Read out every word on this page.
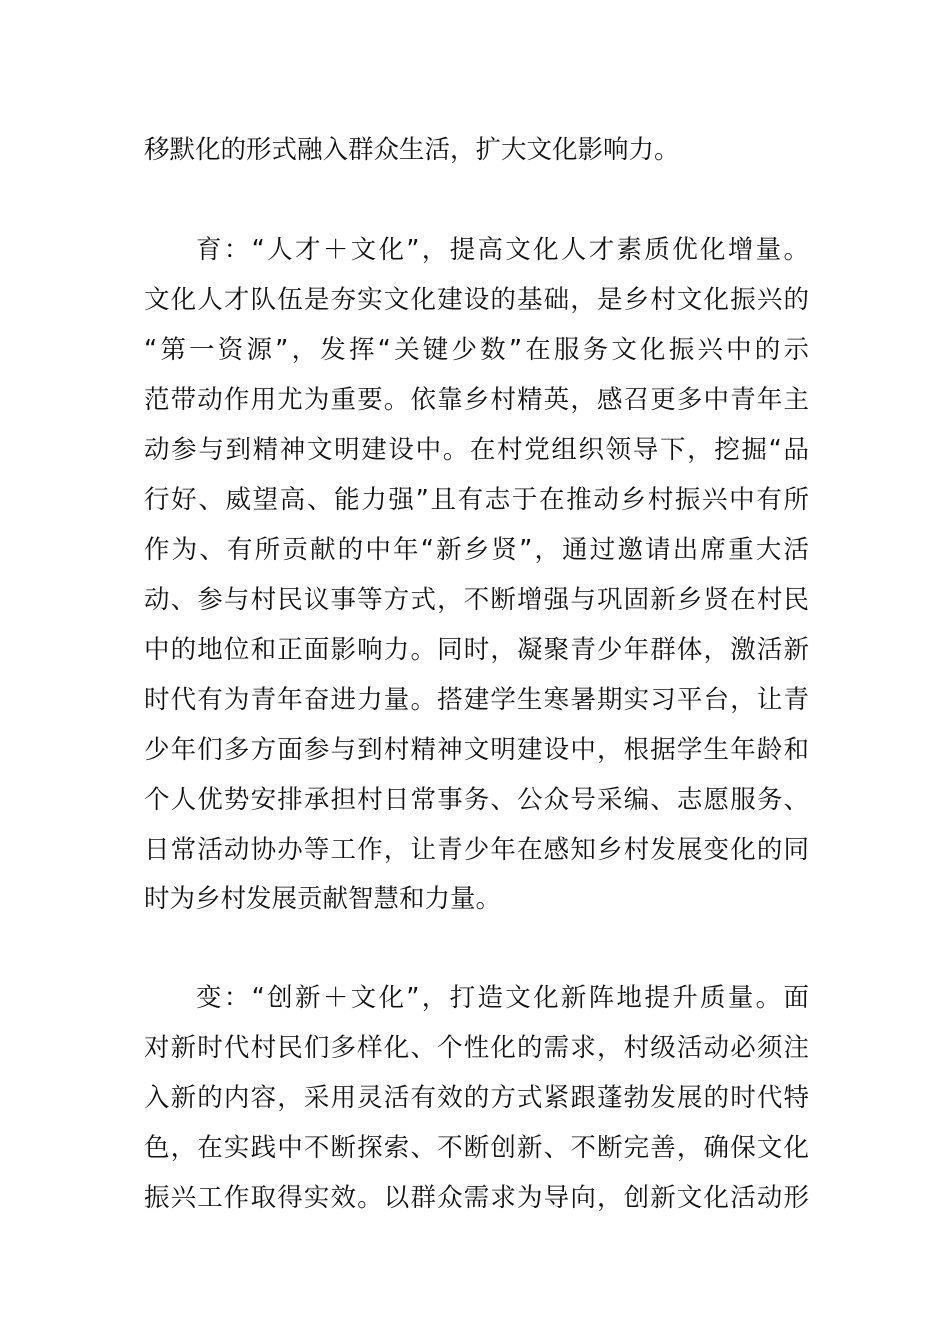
移默化的形式融入群众生活，扩大文化影响力。
育：“人才＋文化”，提高文化人才素质优化增量。
文化人才队伍是夯实文化建设的基础，是乡村文化振兴的
“第一资源”，发挥“关键少数”在服务文化振兴中的示
范带动作用尤为重要。依靠乡村精英，感召更多中青年主
动参与到精神文明建设中。在村党组织领导下，挖掘“品
行好、威望高、能力强”且有志于在推动乡村振兴中有所
作为、有所贡献的中年“新乡贤”，通过邀请出席重大活
动、参与村民议事等方式，不断增强与巩固新乡贤在村民
中的地位和正面影响力。同时，凝聚青少年群体，激活新
时代有为青年奋进力量。搭建学生寒暑期实习平台，让青
少年们多方面参与到村精神文明建设中，根据学生年龄和
个人优势安排承担村日常事务、公众号采编、志愿服务、
日常活动协办等工作，让青少年在感知乡村发展变化的同
时为乡村发展贡献智慧和力量。
变：“创新＋文化”，打造文化新阵地提升质量。面
对新时代村民们多样化、个性化的需求，村级活动必须注
入新的内容，采用灵活有效的方式紧跟蓬勃发展的时代特
色，在实践中不断探索、不断创新、不断完善，确保文化
振兴工作取得实效。以群众需求为导向，创新文化活动形
